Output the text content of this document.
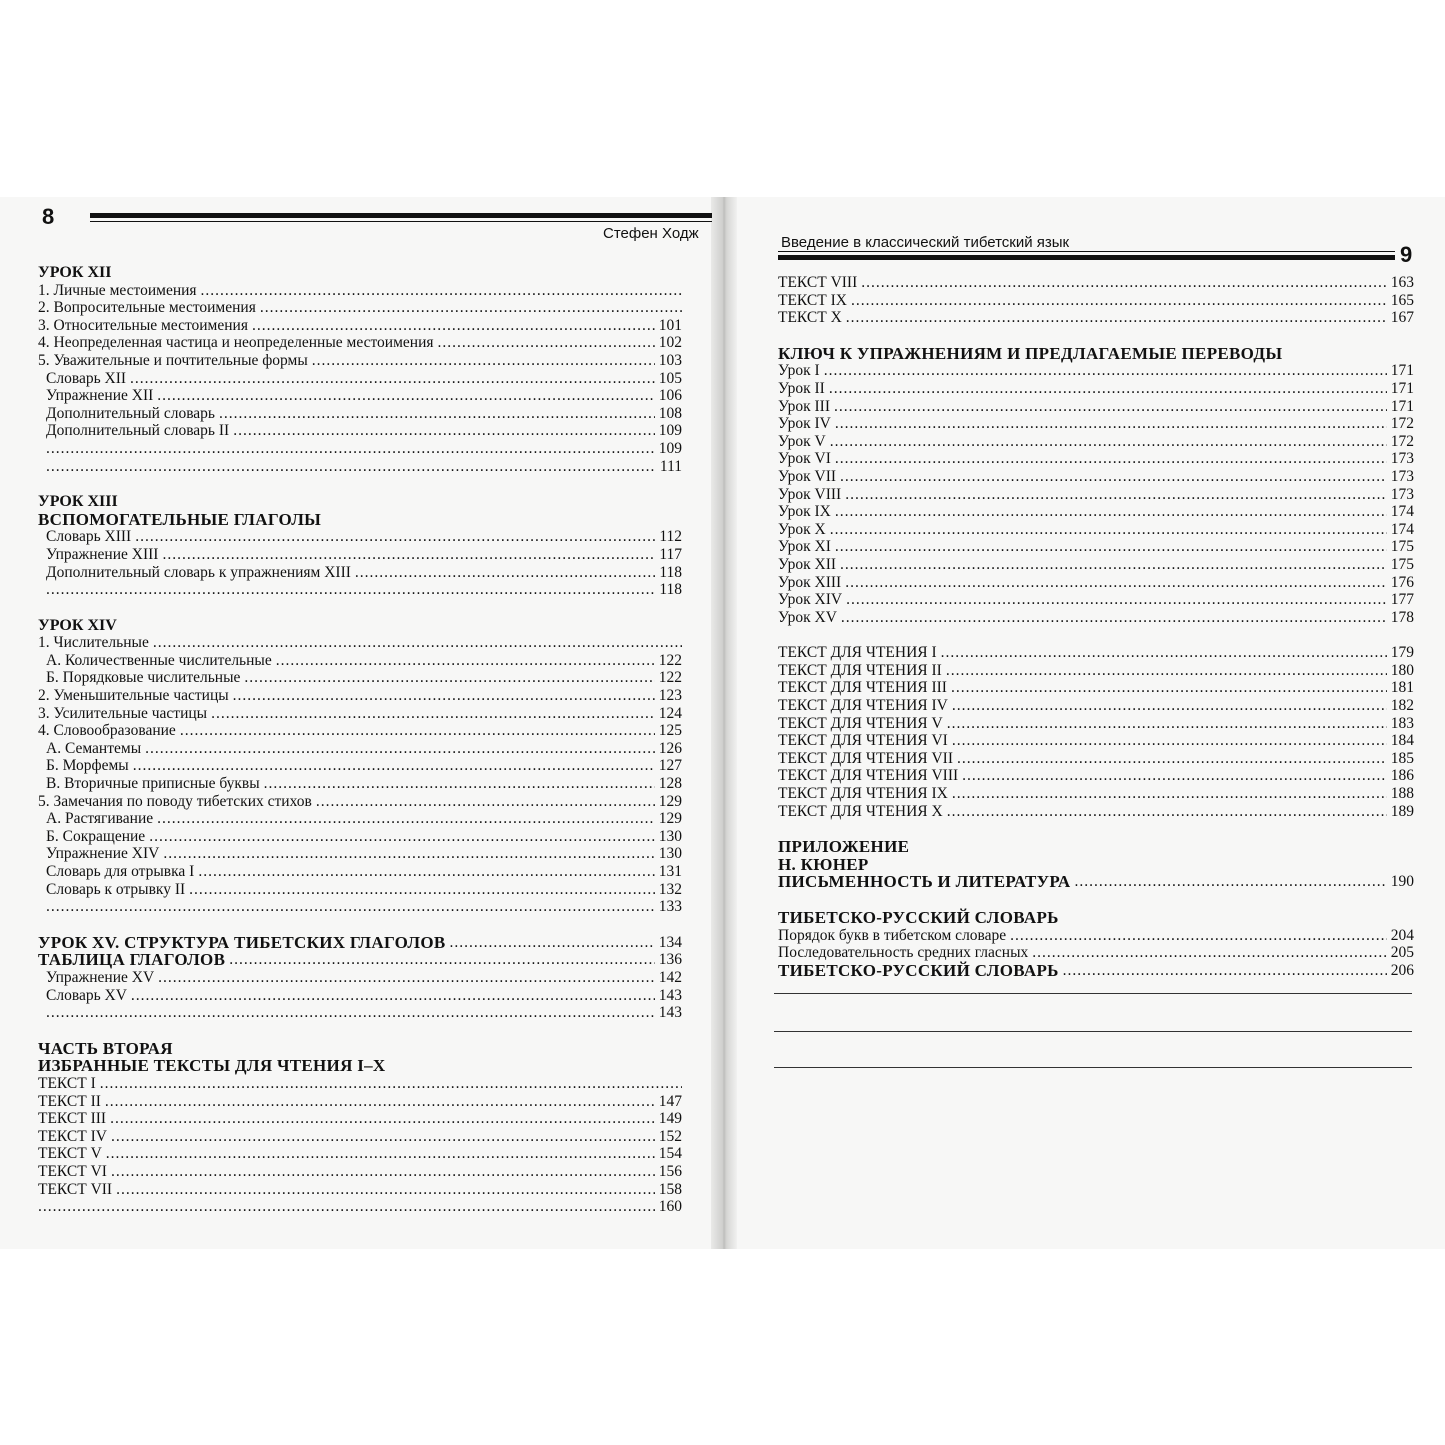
8
Стефен Ходж
УРОК XII
1. Личные местоимения
.....
2. Вопросительные местоимения
.....
3. Относительные местоимения	101
.....
4. Неопределенная частица и неопределенные местоимения	102
.....
5. Уважительные и почтительные формы	103
.....
Словарь XII	105
.....
Упражнение XII	106
.....
Дополнительный словарь	108
.....
Дополнительный словарь II	109
.....
109
.....
111
.....
УРОК XIII
ВСПОМОГАТЕЛЬНЫЕ ГЛАГОЛЫ
Словарь XIII	112
.....
Упражнение XIII	117
.....
Дополнительный словарь к упражнениям XIII	118
.....
118
.....
УРОК XIV
1. Числительные
.....
А. Количественные числительные	122
.....
Б. Порядковые числительные	122
.....
2. Уменьшительные частицы	123
.....
3. Усилительные частицы	124
.....
4. Словообразование	125
.....
А. Семантемы	126
.....
Б. Морфемы	127
.....
В. Вторичные приписные буквы	128
.....
5. Замечания по поводу тибетских стихов	129
.....
А. Растягивание	129
.....
Б. Сокращение	130
.....
Упражнение XIV	130
.....
Словарь для отрывка I	131
.....
Словарь к отрывку II	132
.....
133
.....
УРОК XV. СТРУКТУРА ТИБЕТСКИХ ГЛАГОЛОВ	134
.....
ТАБЛИЦА ГЛАГОЛОВ	136
.....
Упражнение XV	142
.....
Словарь XV	143
.....
143
.....
ЧАСТЬ ВТОРАЯ
ИЗБРАННЫЕ ТЕКСТЫ ДЛЯ ЧТЕНИЯ I–X
ТЕКСТ I
.....
ТЕКСТ II	147
.....
ТЕКСТ III	149
.....
ТЕКСТ IV	152
.....
ТЕКСТ V	154
.....
ТЕКСТ VI	156
.....
ТЕКСТ VII	158
.....
160
.....
Введение в классический тибетский язык	9
ТЕКСТ VIII	163
.....
ТЕКСТ IX	165
.....
ТЕКСТ X	167
.....
КЛЮЧ К УПРАЖНЕНИЯМ И ПРЕДЛАГАЕМЫЕ ПЕРЕВОДЫ
Урок I	171
.....
Урок II	171
.....
Урок III	171
.....
Урок IV	172
.....
Урок V	172
.....
Урок VI	173
.....
Урок VII	173
.....
Урок VIII	173
.....
Урок IX	174
.....
Урок X	174
.....
Урок XI	175
.....
Урок XII	175
.....
Урок XIII	176
.....
Урок XIV	177
.....
Урок XV	178
.....
ТЕКСТ ДЛЯ ЧТЕНИЯ I	179
.....
ТЕКСТ ДЛЯ ЧТЕНИЯ II	180
.....
ТЕКСТ ДЛЯ ЧТЕНИЯ III	181
.....
ТЕКСТ ДЛЯ ЧТЕНИЯ IV	182
.....
ТЕКСТ ДЛЯ ЧТЕНИЯ V	183
.....
ТЕКСТ ДЛЯ ЧТЕНИЯ VI	184
.....
ТЕКСТ ДЛЯ ЧТЕНИЯ VII	185
.....
ТЕКСТ ДЛЯ ЧТЕНИЯ VIII	186
.....
ТЕКСТ ДЛЯ ЧТЕНИЯ IX	188
.....
ТЕКСТ ДЛЯ ЧТЕНИЯ X	189
.....
ПРИЛОЖЕНИЕ
Н. КЮНЕР
ПИСЬМЕННОСТЬ И ЛИТЕРАТУРА	190
.....
ТИБЕТСКО-РУССКИЙ СЛОВАРЬ
Порядок букв в тибетском словаре	204
.....
Последовательность средних гласных	205
.....
ТИБЕТСКО-РУССКИЙ СЛОВАРЬ	206
.....
